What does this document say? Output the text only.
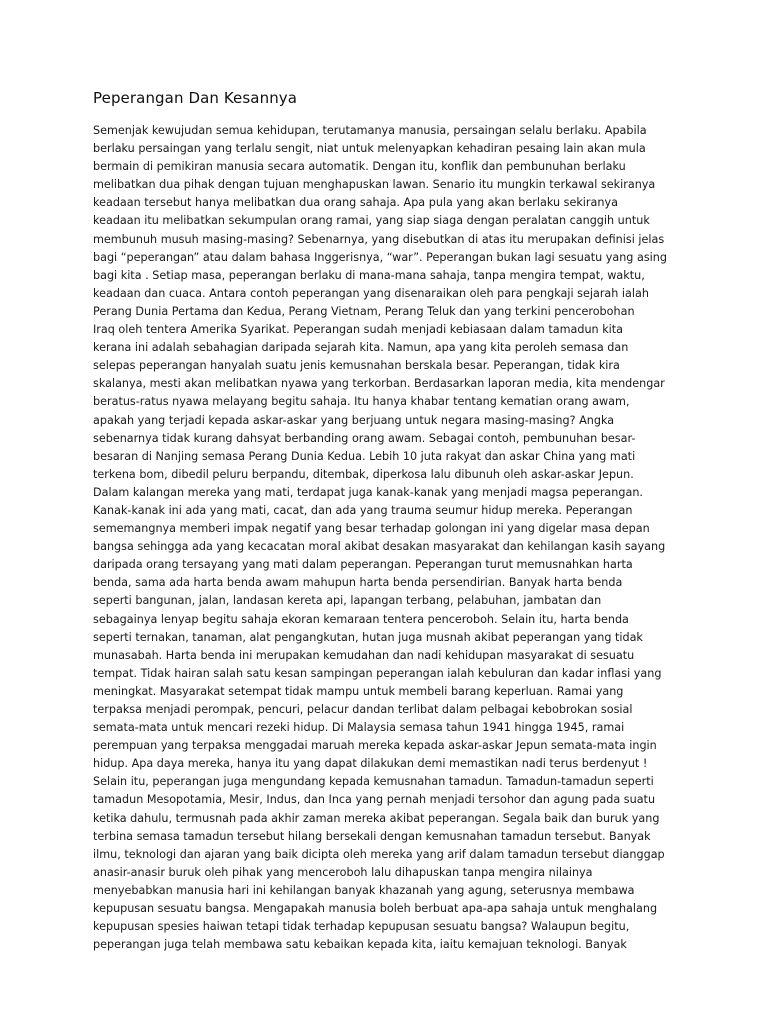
Peperangan Dan Kesannya
Semenjak kewujudan semua kehidupan, terutamanya manusia, persaingan selalu berlaku. Apabila
berlaku persaingan yang terlalu sengit, niat untuk melenyapkan kehadiran pesaing lain akan mula
bermain di pemikiran manusia secara automatik. Dengan itu, konflik dan pembunuhan berlaku
melibatkan dua pihak dengan tujuan menghapuskan lawan. Senario itu mungkin terkawal sekiranya
keadaan tersebut hanya melibatkan dua orang sahaja. Apa pula yang akan berlaku sekiranya
keadaan itu melibatkan sekumpulan orang ramai, yang siap siaga dengan peralatan canggih untuk
membunuh musuh masing-masing? Sebenarnya, yang disebutkan di atas itu merupakan definisi jelas
bagi “peperangan” atau dalam bahasa Inggerisnya, “war”. Peperangan bukan lagi sesuatu yang asing
bagi kita . Setiap masa, peperangan berlaku di mana-mana sahaja, tanpa mengira tempat, waktu,
keadaan dan cuaca. Antara contoh peperangan yang disenaraikan oleh para pengkaji sejarah ialah
Perang Dunia Pertama dan Kedua, Perang Vietnam, Perang Teluk dan yang terkini pencerobohan
Iraq oleh tentera Amerika Syarikat. Peperangan sudah menjadi kebiasaan dalam tamadun kita
kerana ini adalah sebahagian daripada sejarah kita. Namun, apa yang kita peroleh semasa dan
selepas peperangan hanyalah suatu jenis kemusnahan berskala besar. Peperangan, tidak kira
skalanya, mesti akan melibatkan nyawa yang terkorban. Berdasarkan laporan media, kita mendengar
beratus-ratus nyawa melayang begitu sahaja. Itu hanya khabar tentang kematian orang awam,
apakah yang terjadi kepada askar-askar yang berjuang untuk negara masing-masing? Angka
sebenarnya tidak kurang dahsyat berbanding orang awam. Sebagai contoh, pembunuhan besar-
besaran di Nanjing semasa Perang Dunia Kedua. Lebih 10 juta rakyat dan askar China yang mati
terkena bom, dibedil peluru berpandu, ditembak, diperkosa lalu dibunuh oleh askar-askar Jepun.
Dalam kalangan mereka yang mati, terdapat juga kanak-kanak yang menjadi magsa peperangan.
Kanak-kanak ini ada yang mati, cacat, dan ada yang trauma seumur hidup mereka. Peperangan
sememangnya memberi impak negatif yang besar terhadap golongan ini yang digelar masa depan
bangsa sehingga ada yang kecacatan moral akibat desakan masyarakat dan kehilangan kasih sayang
daripada orang tersayang yang mati dalam peperangan. Peperangan turut memusnahkan harta
benda, sama ada harta benda awam mahupun harta benda persendirian. Banyak harta benda
seperti bangunan, jalan, landasan kereta api, lapangan terbang, pelabuhan, jambatan dan
sebagainya lenyap begitu sahaja ekoran kemaraan tentera penceroboh. Selain itu, harta benda
seperti ternakan, tanaman, alat pengangkutan, hutan juga musnah akibat peperangan yang tidak
munasabah. Harta benda ini merupakan kemudahan dan nadi kehidupan masyarakat di sesuatu
tempat. Tidak hairan salah satu kesan sampingan peperangan ialah kebuluran dan kadar inflasi yang
meningkat. Masyarakat setempat tidak mampu untuk membeli barang keperluan. Ramai yang
terpaksa menjadi perompak, pencuri, pelacur dandan terlibat dalam pelbagai kebobrokan sosial
semata-mata untuk mencari rezeki hidup. Di Malaysia semasa tahun 1941 hingga 1945, ramai
perempuan yang terpaksa menggadai maruah mereka kepada askar-askar Jepun semata-mata ingin
hidup. Apa daya mereka, hanya itu yang dapat dilakukan demi memastikan nadi terus berdenyut !
Selain itu, peperangan juga mengundang kepada kemusnahan tamadun. Tamadun-tamadun seperti
tamadun Mesopotamia, Mesir, Indus, dan Inca yang pernah menjadi tersohor dan agung pada suatu
ketika dahulu, termusnah pada akhir zaman mereka akibat peperangan. Segala baik dan buruk yang
terbina semasa tamadun tersebut hilang bersekali dengan kemusnahan tamadun tersebut. Banyak
ilmu, teknologi dan ajaran yang baik dicipta oleh mereka yang arif dalam tamadun tersebut dianggap
anasir-anasir buruk oleh pihak yang menceroboh lalu dihapuskan tanpa mengira nilainya
menyebabkan manusia hari ini kehilangan banyak khazanah yang agung, seterusnya membawa
kepupusan sesuatu bangsa. Mengapakah manusia boleh berbuat apa-apa sahaja untuk menghalang
kepupusan spesies haiwan tetapi tidak terhadap kepupusan sesuatu bangsa? Walaupun begitu,
peperangan juga telah membawa satu kebaikan kepada kita, iaitu kemajuan teknologi. Banyak
